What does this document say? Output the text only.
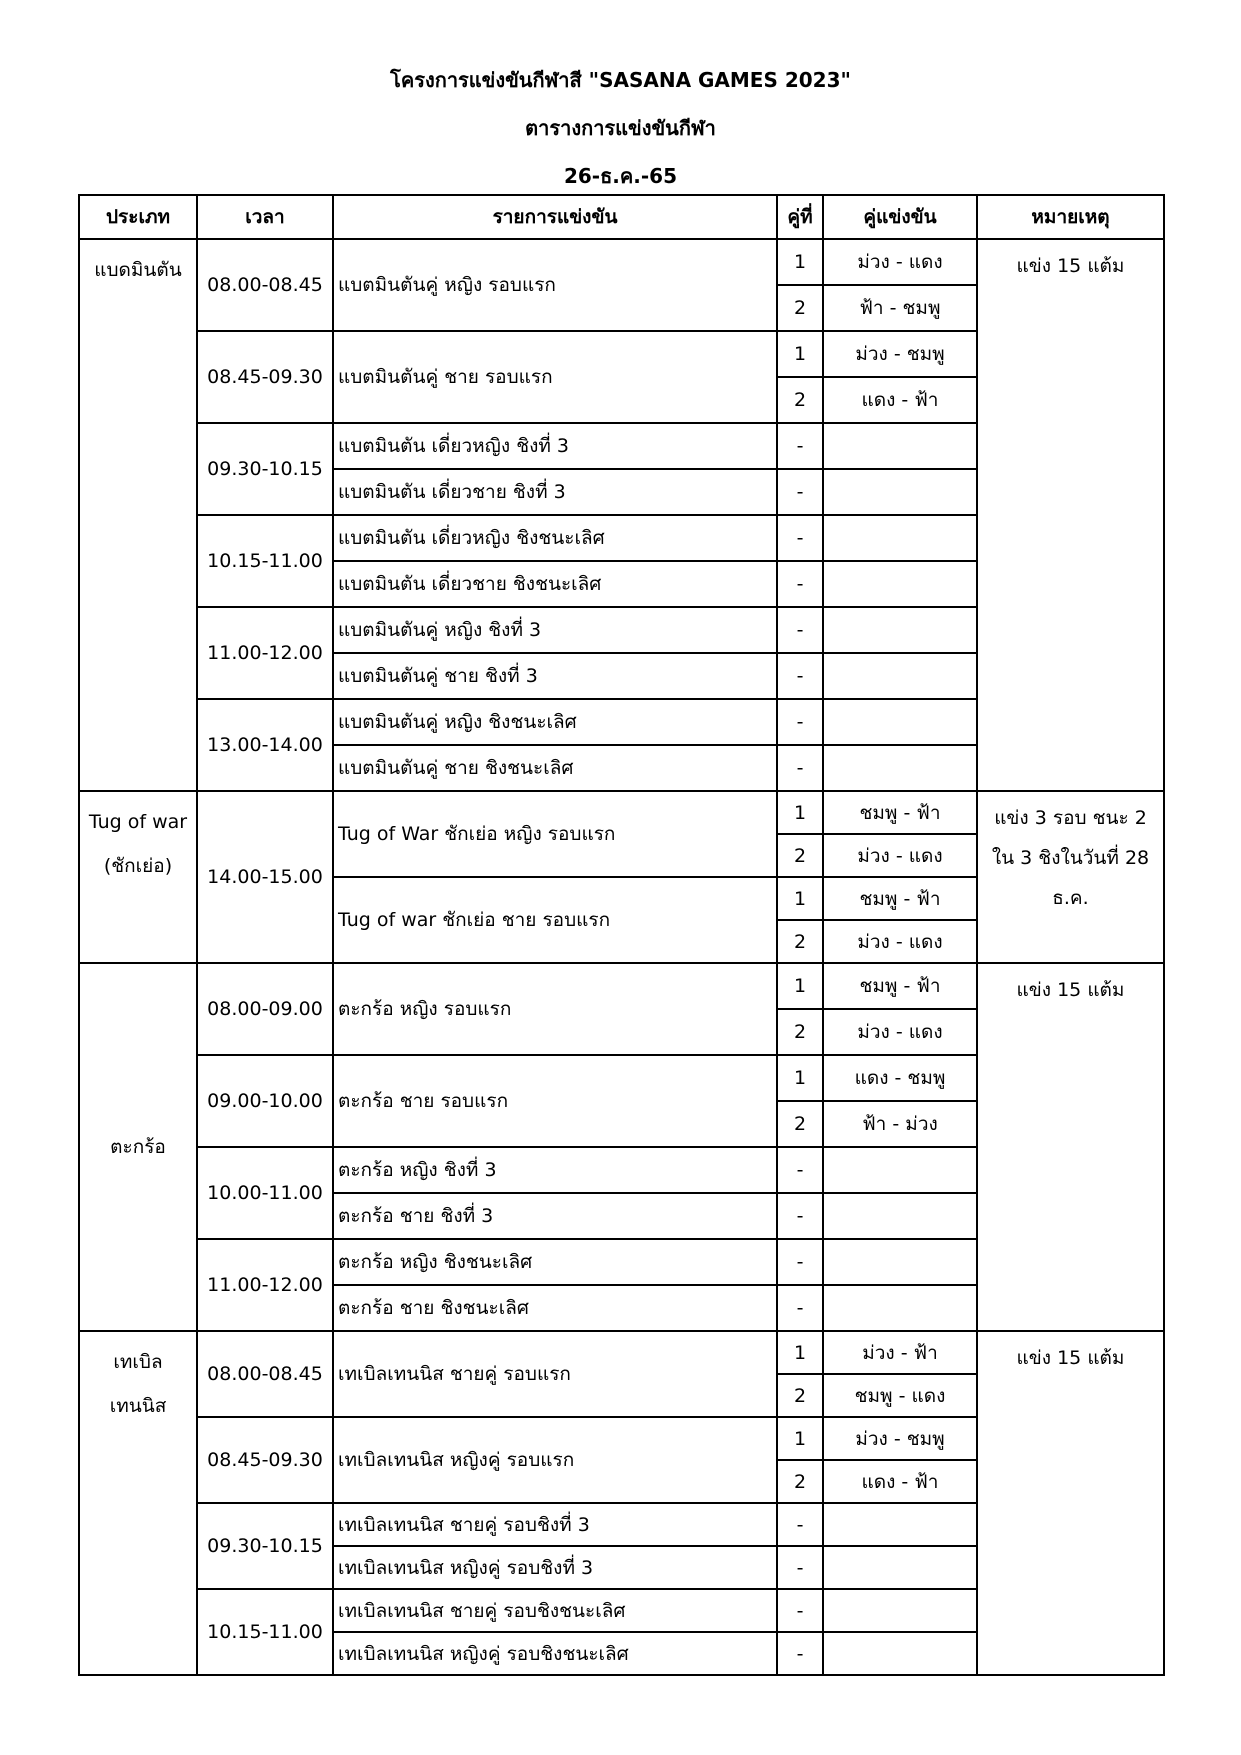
โครงการแข่งขันกีฬาสี "SASANA GAMES 2023"
ตารางการแข่งขันกีฬา
26-ธ.ค.-65
ประเภท	เวลา	รายการแข่งขัน	คู่ที่	คู่แข่งขัน	หมายเหตุ
แบดมินตัน	08.00-08.45	แบตมินตันคู่ หญิง รอบแรก	1	ม่วง - แดง	แข่ง 15 แต้ม
			2	ฟ้า - ชมพู	
	08.45-09.30	แบตมินตันคู่ ชาย รอบแรก	1	ม่วง - ชมพู	
			2	แดง - ฟ้า	
	09.30-10.15	แบตมินตัน เดี่ยวหญิง ชิงที่ 3	-		
		แบตมินตัน เดี่ยวชาย ชิงที่ 3	-		
	10.15-11.00	แบตมินตัน เดี่ยวหญิง ชิงชนะเลิศ	-		
		แบตมินตัน เดี่ยวชาย ชิงชนะเลิศ	-		
	11.00-12.00	แบตมินตันคู่ หญิง ชิงที่ 3	-		
		แบตมินตันคู่ ชาย ชิงที่ 3	-		
	13.00-14.00	แบตมินตันคู่ หญิง ชิงชนะเลิศ	-		
		แบตมินตันคู่ ชาย ชิงชนะเลิศ	-		
Tug of war (ชักเย่อ)	14.00-15.00	Tug of War ชักเย่อ หญิง รอบแรก	1	ชมพู - ฟ้า	แข่ง 3 รอบ ชนะ 2 ใน 3 ชิงในวันที่ 28 ธ.ค.
			2	ม่วง - แดง	
		Tug of war ชักเย่อ ชาย รอบแรก	1	ชมพู - ฟ้า	
			2	ม่วง - แดง	
ตะกร้อ	08.00-09.00	ตะกร้อ หญิง รอบแรก	1	ชมพู - ฟ้า	แข่ง 15 แต้ม
			2	ม่วง - แดง	
	09.00-10.00	ตะกร้อ ชาย รอบแรก	1	แดง - ชมพู	
			2	ฟ้า - ม่วง	
	10.00-11.00	ตะกร้อ หญิง ชิงที่ 3	-		
		ตะกร้อ ชาย ชิงที่ 3	-		
	11.00-12.00	ตะกร้อ หญิง ชิงชนะเลิศ	-		
		ตะกร้อ ชาย ชิงชนะเลิศ	-		
เทเบิล เทนนิส	08.00-08.45	เทเบิลเทนนิส ชายคู่ รอบแรก	1	ม่วง - ฟ้า	แข่ง 15 แต้ม
			2	ชมพู - แดง	
	08.45-09.30	เทเบิลเทนนิส หญิงคู่ รอบแรก	1	ม่วง - ชมพู	
			2	แดง - ฟ้า	
	09.30-10.15	เทเบิลเทนนิส ชายคู่ รอบชิงที่ 3	-		
		เทเบิลเทนนิส หญิงคู่ รอบชิงที่ 3	-		
	10.15-11.00	เทเบิลเทนนิส ชายคู่ รอบชิงชนะเลิศ	-		
		เทเบิลเทนนิส หญิงคู่ รอบชิงชนะเลิศ	-		
